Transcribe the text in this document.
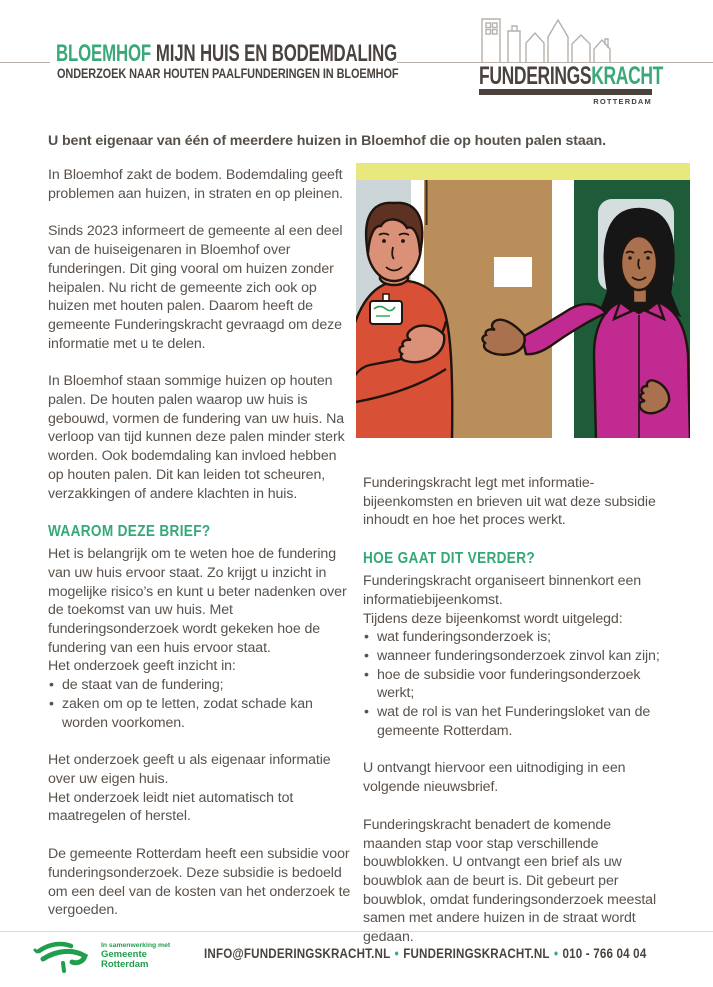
BLOEMHOF MIJN HUIS EN BODEMDALING
ONDERZOEK NAAR HOUTEN PAALFUNDERINGEN IN BLOEMHOF	FUNDERINGSKRACHT
ROTTERDAM

U bent eigenaar van één of meerdere huizen in Bloemhof die op houten palen staan.

In Bloemhof zakt de bodem. Bodemdaling geeft problemen aan huizen, in straten en op pleinen.

Sinds 2023 informeert de gemeente al een deel van de huiseigenaren in Bloemhof over funderingen. Dit ging vooral om huizen zonder heipalen. Nu richt de gemeente zich ook op huizen met houten palen. Daarom heeft de gemeente Funderingskracht gevraagd om deze informatie met u te delen.

In Bloemhof staan sommige huizen op houten palen. De houten palen waarop uw huis is gebouwd, vormen de fundering van uw huis. Na verloop van tijd kunnen deze palen minder sterk worden. Ook bodemdaling kan invloed hebben op houten palen. Dit kan leiden tot scheuren, verzakkingen of andere klachten in huis.

WAAROM DEZE BRIEF?

Het is belangrijk om te weten hoe de fundering van uw huis ervoor staat. Zo krijgt u inzicht in mogelijke risico’s en kunt u beter nadenken over de toekomst van uw huis. Met funderingsonderzoek wordt gekeken hoe de fundering van een huis ervoor staat.

Het onderzoek geeft inzicht in:

• de staat van de fundering;
• zaken om op te letten, zodat schade kan worden voorkomen.

Het onderzoek geeft u als eigenaar informatie over uw eigen huis.
Het onderzoek leidt niet automatisch tot maatregelen of herstel.

De gemeente Rotterdam heeft een subsidie voor funderingsonderzoek. Deze subsidie is bedoeld om een deel van de kosten van het onderzoek te vergoeden.

Funderingskracht legt met informatie-bijeenkomsten en brieven uit wat deze subsidie inhoudt en hoe het proces werkt.

HOE GAAT DIT VERDER?

Funderingskracht organiseert binnenkort een informatiebijeenkomst.

Tijdens deze bijeenkomst wordt uitgelegd:

• wat funderingsonderzoek is;
• wanneer funderingsonderzoek zinvol kan zijn;
• hoe de subsidie voor funderingsonderzoek werkt;
• wat de rol is van het Funderingsloket van de gemeente Rotterdam.

U ontvangt hiervoor een uitnodiging in een volgende nieuwsbrief.

Funderingskracht benadert de komende maanden stap voor stap verschillende bouwblokken. U ontvangt een brief als uw bouwblok aan de beurt is. Dit gebeurt per bouwblok, omdat funderingsonderzoek meestal samen met andere huizen in de straat wordt gedaan.

In samenwerking met

Gemeente

Rotterdam

INFO@FUNDERINGSKRACHT.NL • FUNDERINGSKRACHT.NL • 010 - 766 04 04
